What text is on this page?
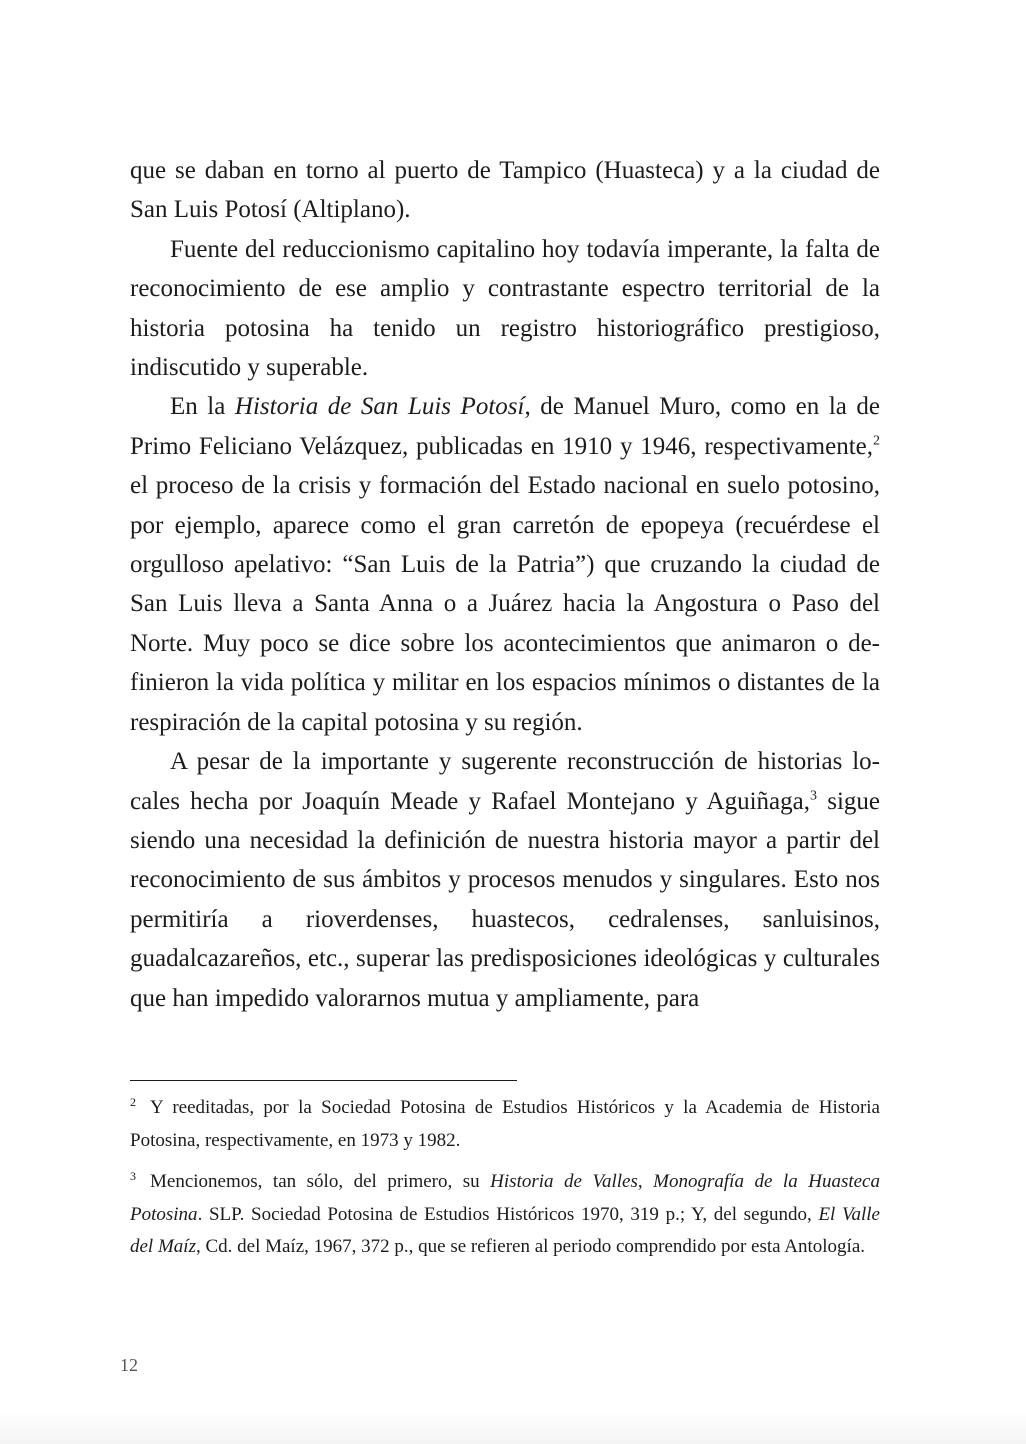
que se daban en torno al puerto de Tampico (Huasteca) y a la ciudad de San Luis Potosí (Altiplano).

Fuente del reduccionismo capitalino hoy todavía imperante, la falta de reconocimiento de ese amplio y contrastante espectro territorial de la historia potosina ha tenido un registro historiográfico prestigioso, indiscutido y superable.

En la Historia de San Luis Potosí, de Manuel Muro, como en la de Primo Feliciano Velázquez, publicadas en 1910 y 1946, respectivamente,$^2$ el proceso de la crisis y formación del Estado nacional en suelo potosino, por ejemplo, aparece como el gran carretón de epopeya (recuérdese el orgulloso apelativo: “San Luis de la Patria”) que cruzando la ciudad de San Luis lleva a Santa Anna o a Juárez hacia la Angostura o Paso del Norte. Muy poco se dice sobre los acontecimientos que animaron o definieron la vida política y militar en los espacios mínimos o distantes de la respiración de la capital potosina y su región.

A pesar de la importante y sugerente reconstrucción de historias locales hecha por Joaquín Meade y Rafael Montejano y Aguiñaga,$^3$ sigue siendo una necesidad la definición de nuestra historia mayor a partir del reconocimiento de sus ámbitos y procesos menudos y singulares. Esto nos permitiría a rioverdenses, huastecos, cedralenses, sanluisinos, guadalcazareños, etc., superar las predisposiciones ideológicas y culturales que han impedido valorarnos mutua y ampliamente, para

$^2$ Y reeditadas, por la Sociedad Potosina de Estudios Históricos y la Academia de Historia Potosina, respectivamente, en 1973 y 1982.

$^3$ Mencionemos, tan sólo, del primero, su Historia de Valles, Monografía de la Huasteca Potosina. SLP. Sociedad Potosina de Estudios Históricos 1970, 319 p.; Y, del segundo, El Valle del Maíz, Cd. del Maíz, 1967, 372 p., que se refieren al periodo comprendido por esta Antología.

12
